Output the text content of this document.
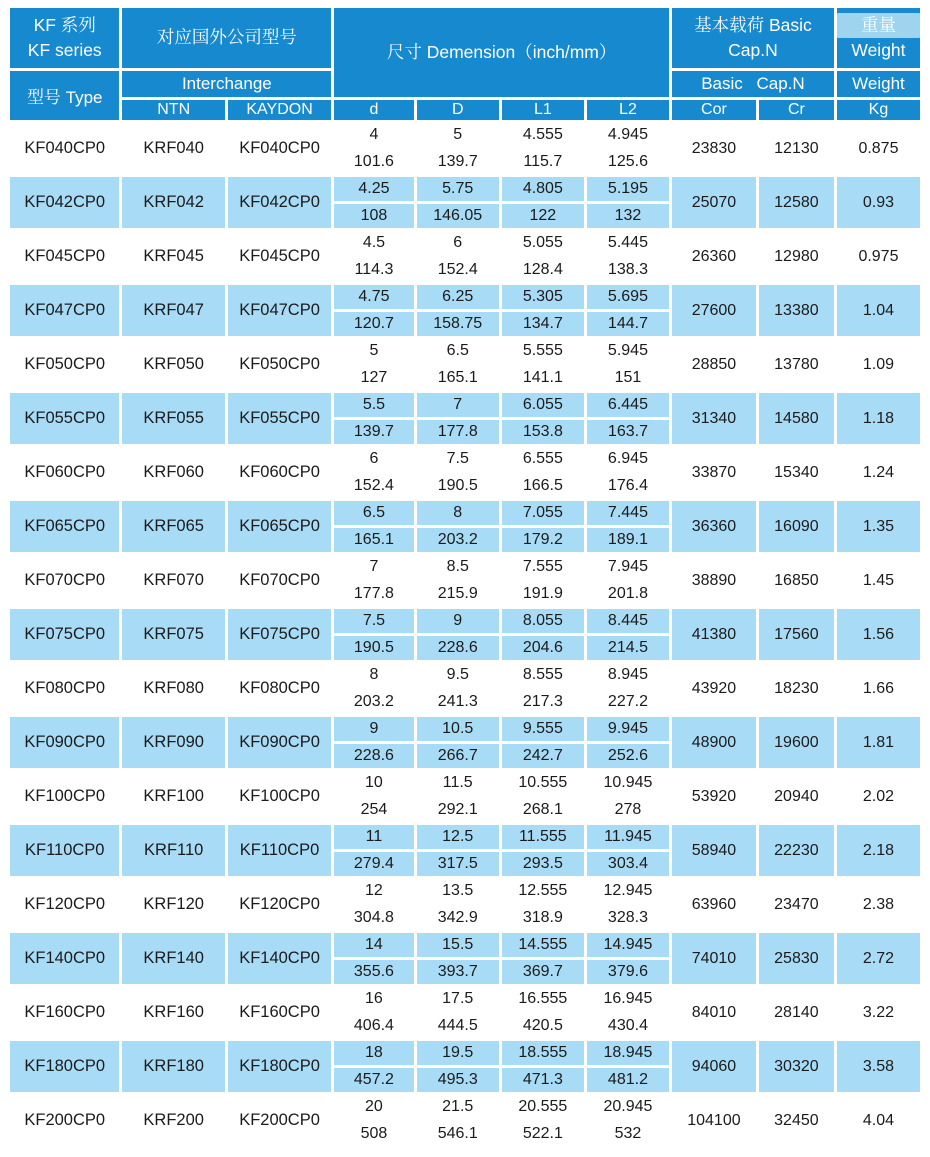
KF 系列
KF series	对应国外公司型号		尺寸 Demension（inch/mm）				基本载荷 Basic
Cap.N		重量
Weight

型号 Type	Interchange						Basic Cap.N		Weight
	NTN	KAYDON	d	D	L1	L2	Cor	Cr	Kg
KF040CP0	KRF040	KF040CP0	4	5	4.555	4.945	23830	12130	0.875
			101.6	139.7	115.7	125.6			
KF042CP0	KRF042	KF042CP0	4.25	5.75	4.805	5.195	25070	12580	0.93
			108	146.05	122	132			
KF045CP0	KRF045	KF045CP0	4.5	6	5.055	5.445	26360	12980	0.975
			114.3	152.4	128.4	138.3			
KF047CP0	KRF047	KF047CP0	4.75	6.25	5.305	5.695	27600	13380	1.04
			120.7	158.75	134.7	144.7			
KF050CP0	KRF050	KF050CP0	5	6.5	5.555	5.945	28850	13780	1.09
			127	165.1	141.1	151			
KF055CP0	KRF055	KF055CP0	5.5	7	6.055	6.445	31340	14580	1.18
			139.7	177.8	153.8	163.7			
KF060CP0	KRF060	KF060CP0	6	7.5	6.555	6.945	33870	15340	1.24
			152.4	190.5	166.5	176.4			
KF065CP0	KRF065	KF065CP0	6.5	8	7.055	7.445	36360	16090	1.35
			165.1	203.2	179.2	189.1			
KF070CP0	KRF070	KF070CP0	7	8.5	7.555	7.945	38890	16850	1.45
			177.8	215.9	191.9	201.8			
KF075CP0	KRF075	KF075CP0	7.5	9	8.055	8.445	41380	17560	1.56
			190.5	228.6	204.6	214.5			
KF080CP0	KRF080	KF080CP0	8	9.5	8.555	8.945	43920	18230	1.66
			203.2	241.3	217.3	227.2			
KF090CP0	KRF090	KF090CP0	9	10.5	9.555	9.945	48900	19600	1.81
			228.6	266.7	242.7	252.6			
KF100CP0	KRF100	KF100CP0	10	11.5	10.555	10.945	53920	20940	2.02
			254	292.1	268.1	278			
KF110CP0	KRF110	KF110CP0	11	12.5	11.555	11.945	58940	22230	2.18
			279.4	317.5	293.5	303.4			
KF120CP0	KRF120	KF120CP0	12	13.5	12.555	12.945	63960	23470	2.38
			304.8	342.9	318.9	328.3			
KF140CP0	KRF140	KF140CP0	14	15.5	14.555	14.945	74010	25830	2.72
			355.6	393.7	369.7	379.6			
KF160CP0	KRF160	KF160CP0	16	17.5	16.555	16.945	84010	28140	3.22
			406.4	444.5	420.5	430.4			
KF180CP0	KRF180	KF180CP0	18	19.5	18.555	18.945	94060	30320	3.58
			457.2	495.3	471.3	481.2			
KF200CP0	KRF200	KF200CP0	20	21.5	20.555	20.945	104100	32450	4.04
			508	546.1	522.1	532			
